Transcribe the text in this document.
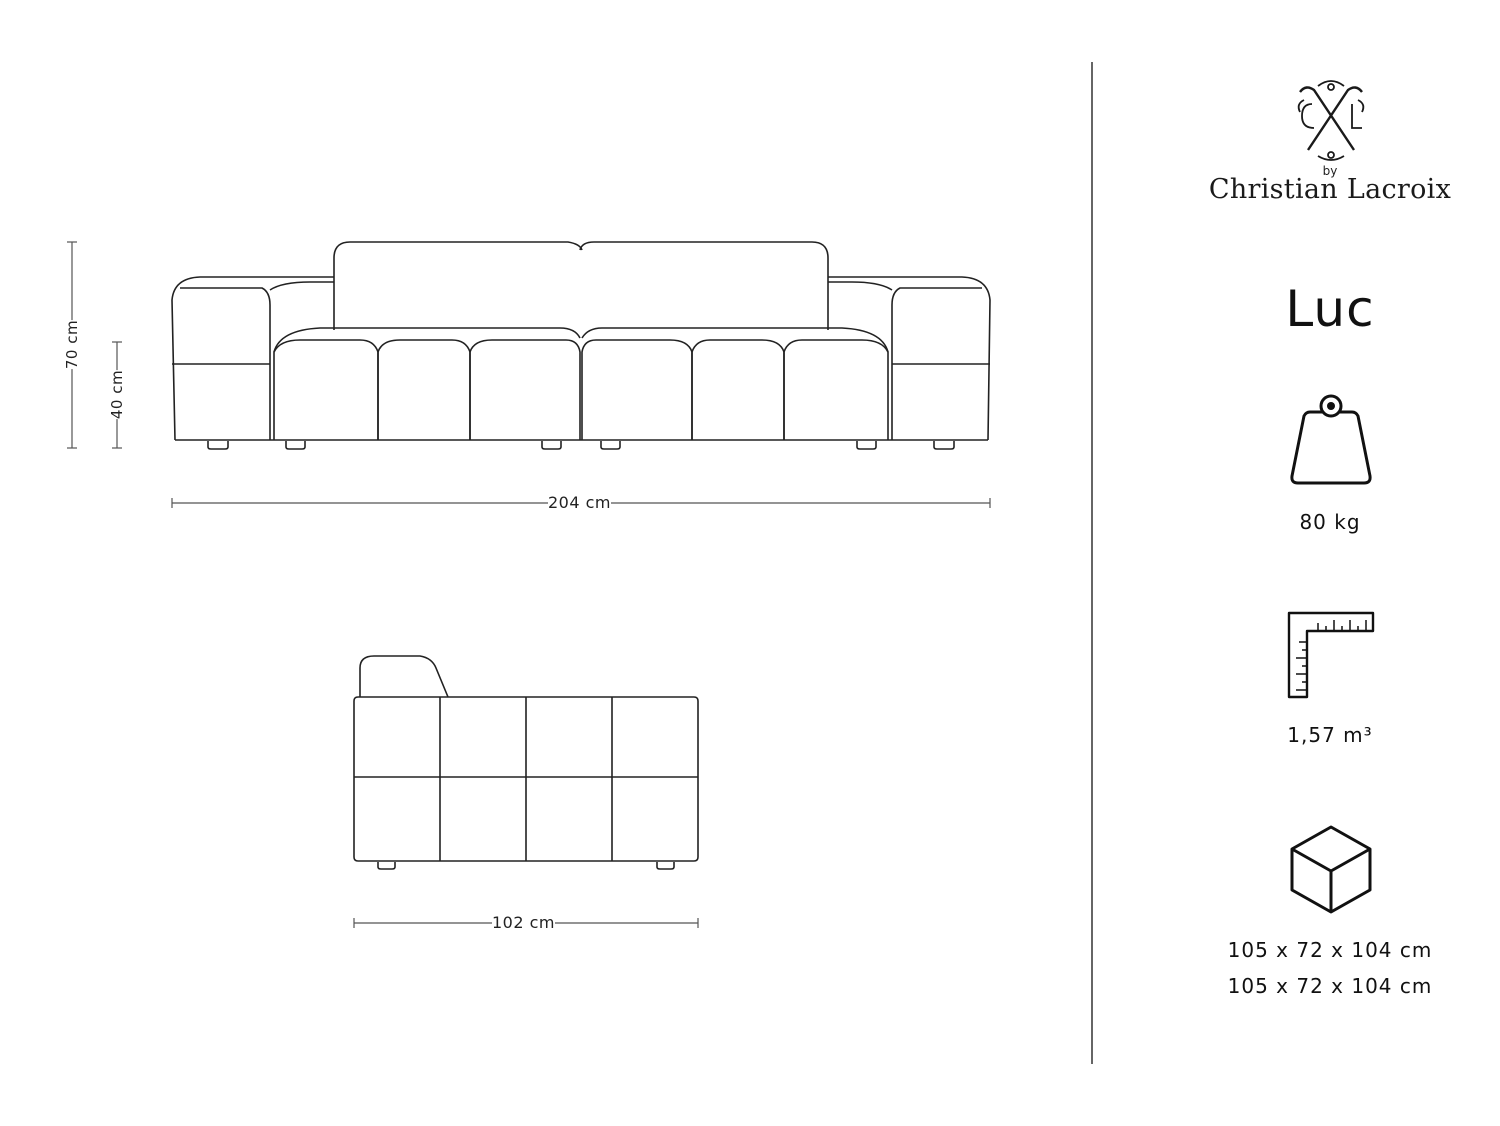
204 cm
70 cm
40 cm
102 cm
by
Christian Lacroix
Luc
80 kg
1,57 m³
105 x 72 x 104 cm
105 x 72 x 104 cm
